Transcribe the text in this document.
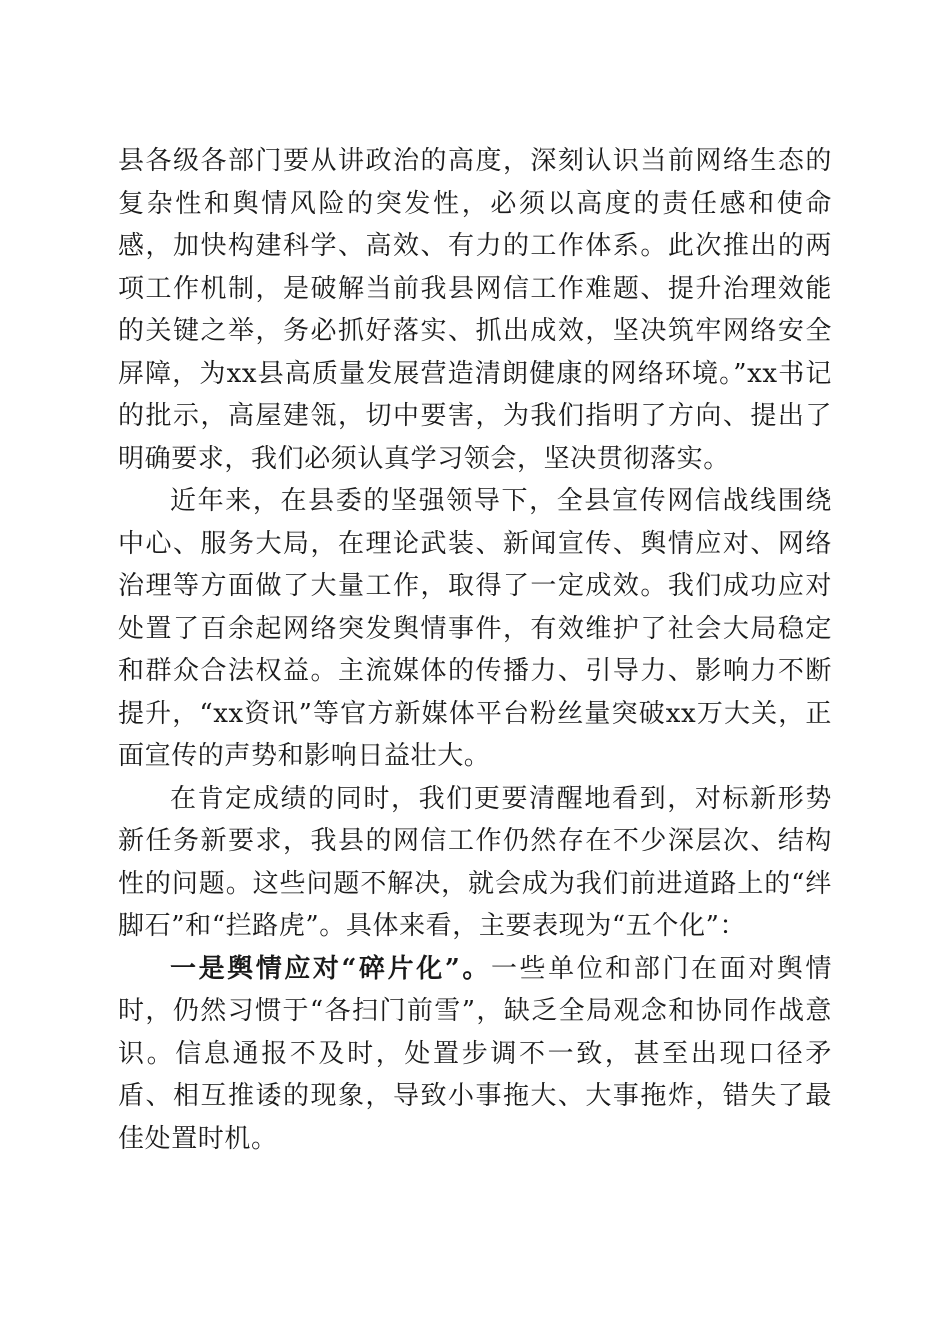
县各级各部门要从讲政治的高度，深刻认识当前网络生态的复杂性和舆情风险的突发性，必须以高度的责任感和使命感，加快构建科学、高效、有力的工作体系。此次推出的两项工作机制，是破解当前我县网信工作难题、提升治理效能的关键之举，务必抓好落实、抓出成效，坚决筑牢网络安全屏障，为xx县高质量发展营造清朗健康的网络环境。”xx书记的批示，高屋建瓴，切中要害，为我们指明了方向、提出了明确要求，我们必须认真学习领会，坚决贯彻落实。

近年来，在县委的坚强领导下，全县宣传网信战线围绕中心、服务大局，在理论武装、新闻宣传、舆情应对、网络治理等方面做了大量工作，取得了一定成效。我们成功应对处置了百余起网络突发舆情事件，有效维护了社会大局稳定和群众合法权益。主流媒体的传播力、引导力、影响力不断提升，“xx资讯”等官方新媒体平台粉丝量突破xx万大关，正面宣传的声势和影响日益壮大。

在肯定成绩的同时，我们更要清醒地看到，对标新形势新任务新要求，我县的网信工作仍然存在不少深层次、结构性的问题。这些问题不解决，就会成为我们前进道路上的“绊脚石”和“拦路虎”。具体来看，主要表现为“五个化”：

一是舆情应对“碎片化”。一些单位和部门在面对舆情时，仍然习惯于“各扫门前雪”，缺乏全局观念和协同作战意识。信息通报不及时，处置步调不一致，甚至出现口径矛盾、相互推诿的现象，导致小事拖大、大事拖炸，错失了最佳处置时机。
